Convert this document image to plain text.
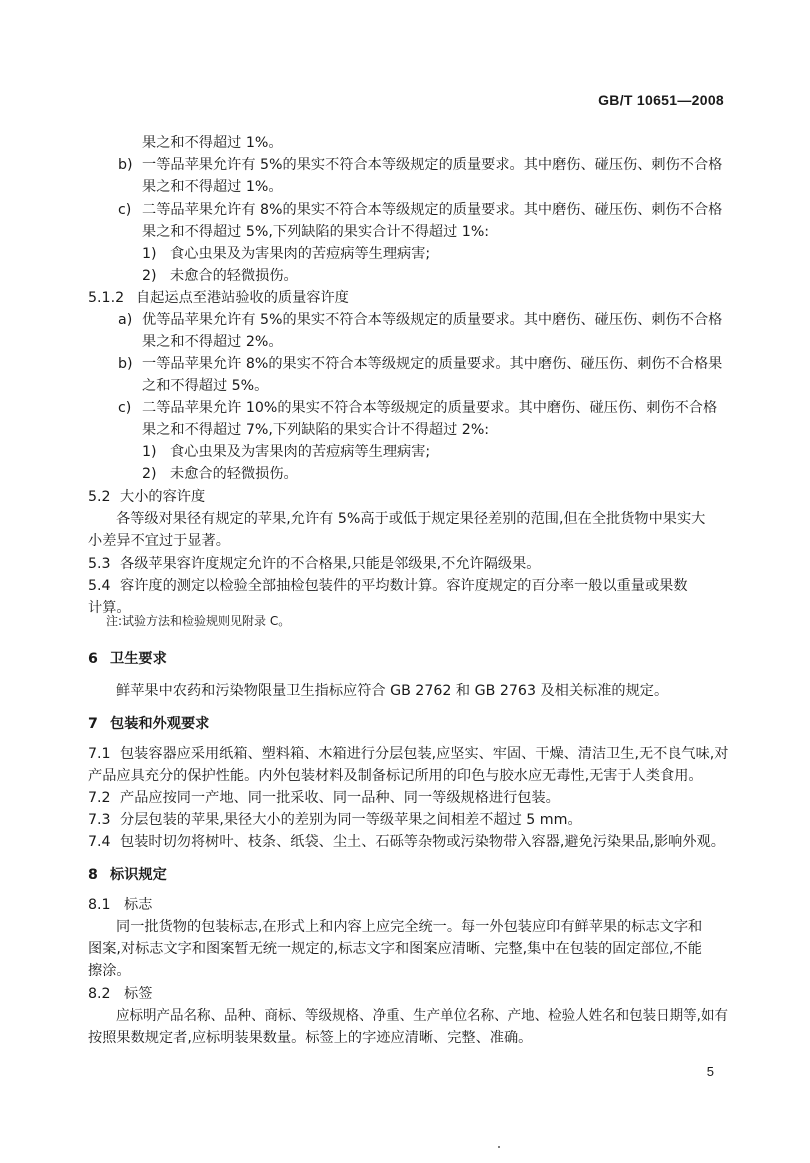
GB/T 10651—2008
果之和不得超过 1%。
b) 一等品苹果允许有 5%的果实不符合本等级规定的质量要求。其中磨伤、碰压伤、刺伤不合格
果之和不得超过 1%。
c) 二等品苹果允许有 8%的果实不符合本等级规定的质量要求。其中磨伤、碰压伤、刺伤不合格
果之和不得超过 5%,下列缺陷的果实合计不得超过 1%:
1) 食心虫果及为害果肉的苦痘病等生理病害;
2) 未愈合的轻微损伤。
5.1.2 自起运点至港站验收的质量容许度
a) 优等品苹果允许有 5%的果实不符合本等级规定的质量要求。其中磨伤、碰压伤、刺伤不合格
果之和不得超过 2%。
b) 一等品苹果允许 8%的果实不符合本等级规定的质量要求。其中磨伤、碰压伤、刺伤不合格果
之和不得超过 5%。
c) 二等品苹果允许 10%的果实不符合本等级规定的质量要求。其中磨伤、碰压伤、刺伤不合格
果之和不得超过 7%,下列缺陷的果实合计不得超过 2%:
1) 食心虫果及为害果肉的苦痘病等生理病害;
2) 未愈合的轻微损伤。
5.2 大小的容许度
各等级对果径有规定的苹果,允许有 5%高于或低于规定果径差别的范围,但在全批货物中果实大
小差异不宜过于显著。
5.3 各级苹果容许度规定允许的不合格果,只能是邻级果,不允许隔级果。
5.4 容许度的测定以检验全部抽检包装件的平均数计算。容许度规定的百分率一般以重量或果数
计算。
注:试验方法和检验规则见附录 C。
6 卫生要求
鲜苹果中农药和污染物限量卫生指标应符合 GB 2762 和 GB 2763 及相关标准的规定。
7 包装和外观要求
7.1 包装容器应采用纸箱、塑料箱、木箱进行分层包装,应坚实、牢固、干燥、清洁卫生,无不良气味,对
产品应具充分的保护性能。内外包装材料及制备标记所用的印色与胶水应无毒性,无害于人类食用。
7.2 产品应按同一产地、同一批采收、同一品种、同一等级规格进行包装。
7.3 分层包装的苹果,果径大小的差别为同一等级苹果之间相差不超过 5 mm。
7.4 包装时切勿将树叶、枝条、纸袋、尘土、石砾等杂物或污染物带入容器,避免污染果品,影响外观。
8 标识规定
8.1 标志
同一批货物的包装标志,在形式上和内容上应完全统一。每一外包装应印有鲜苹果的标志文字和
图案,对标志文字和图案暂无统一规定的,标志文字和图案应清晰、完整,集中在包装的固定部位,不能
擦涂。
8.2 标签
应标明产品名称、品种、商标、等级规格、净重、生产单位名称、产地、检验人姓名和包装日期等,如有
按照果数规定者,应标明装果数量。标签上的字迹应清晰、完整、准确。
5
